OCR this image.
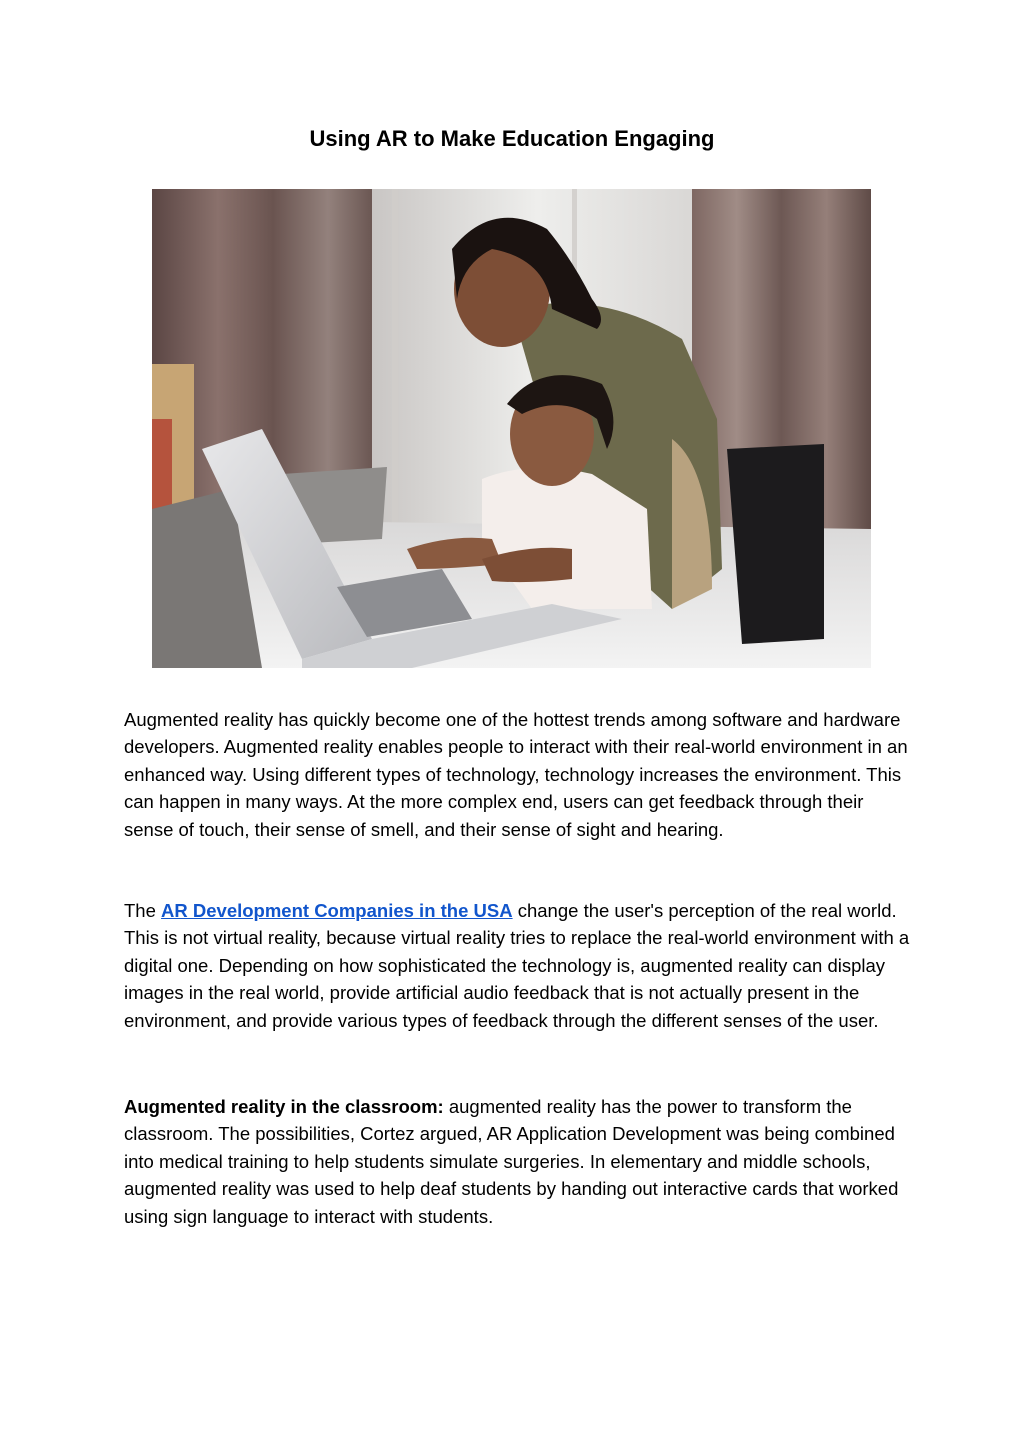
Using AR to Make Education Engaging

Augmented reality has quickly become one of the hottest trends among software and hardware developers. Augmented reality enables people to interact with their real-world environment in an enhanced way. Using different types of technology, technology increases the environment. This can happen in many ways. At the more complex end, users can get feedback through their sense of touch, their sense of smell, and their sense of sight and hearing.

The AR Development Companies in the USA change the user's perception of the real world. This is not virtual reality, because virtual reality tries to replace the real-world environment with a digital one. Depending on how sophisticated the technology is, augmented reality can display images in the real world, provide artificial audio feedback that is not actually present in the environment, and provide various types of feedback through the different senses of the user.

Augmented reality in the classroom: augmented reality has the power to transform the classroom. The possibilities, Cortez argued, AR Application Development was being combined into medical training to help students simulate surgeries. In elementary and middle schools, augmented reality was used to help deaf students by handing out interactive cards that worked using sign language to interact with students.
